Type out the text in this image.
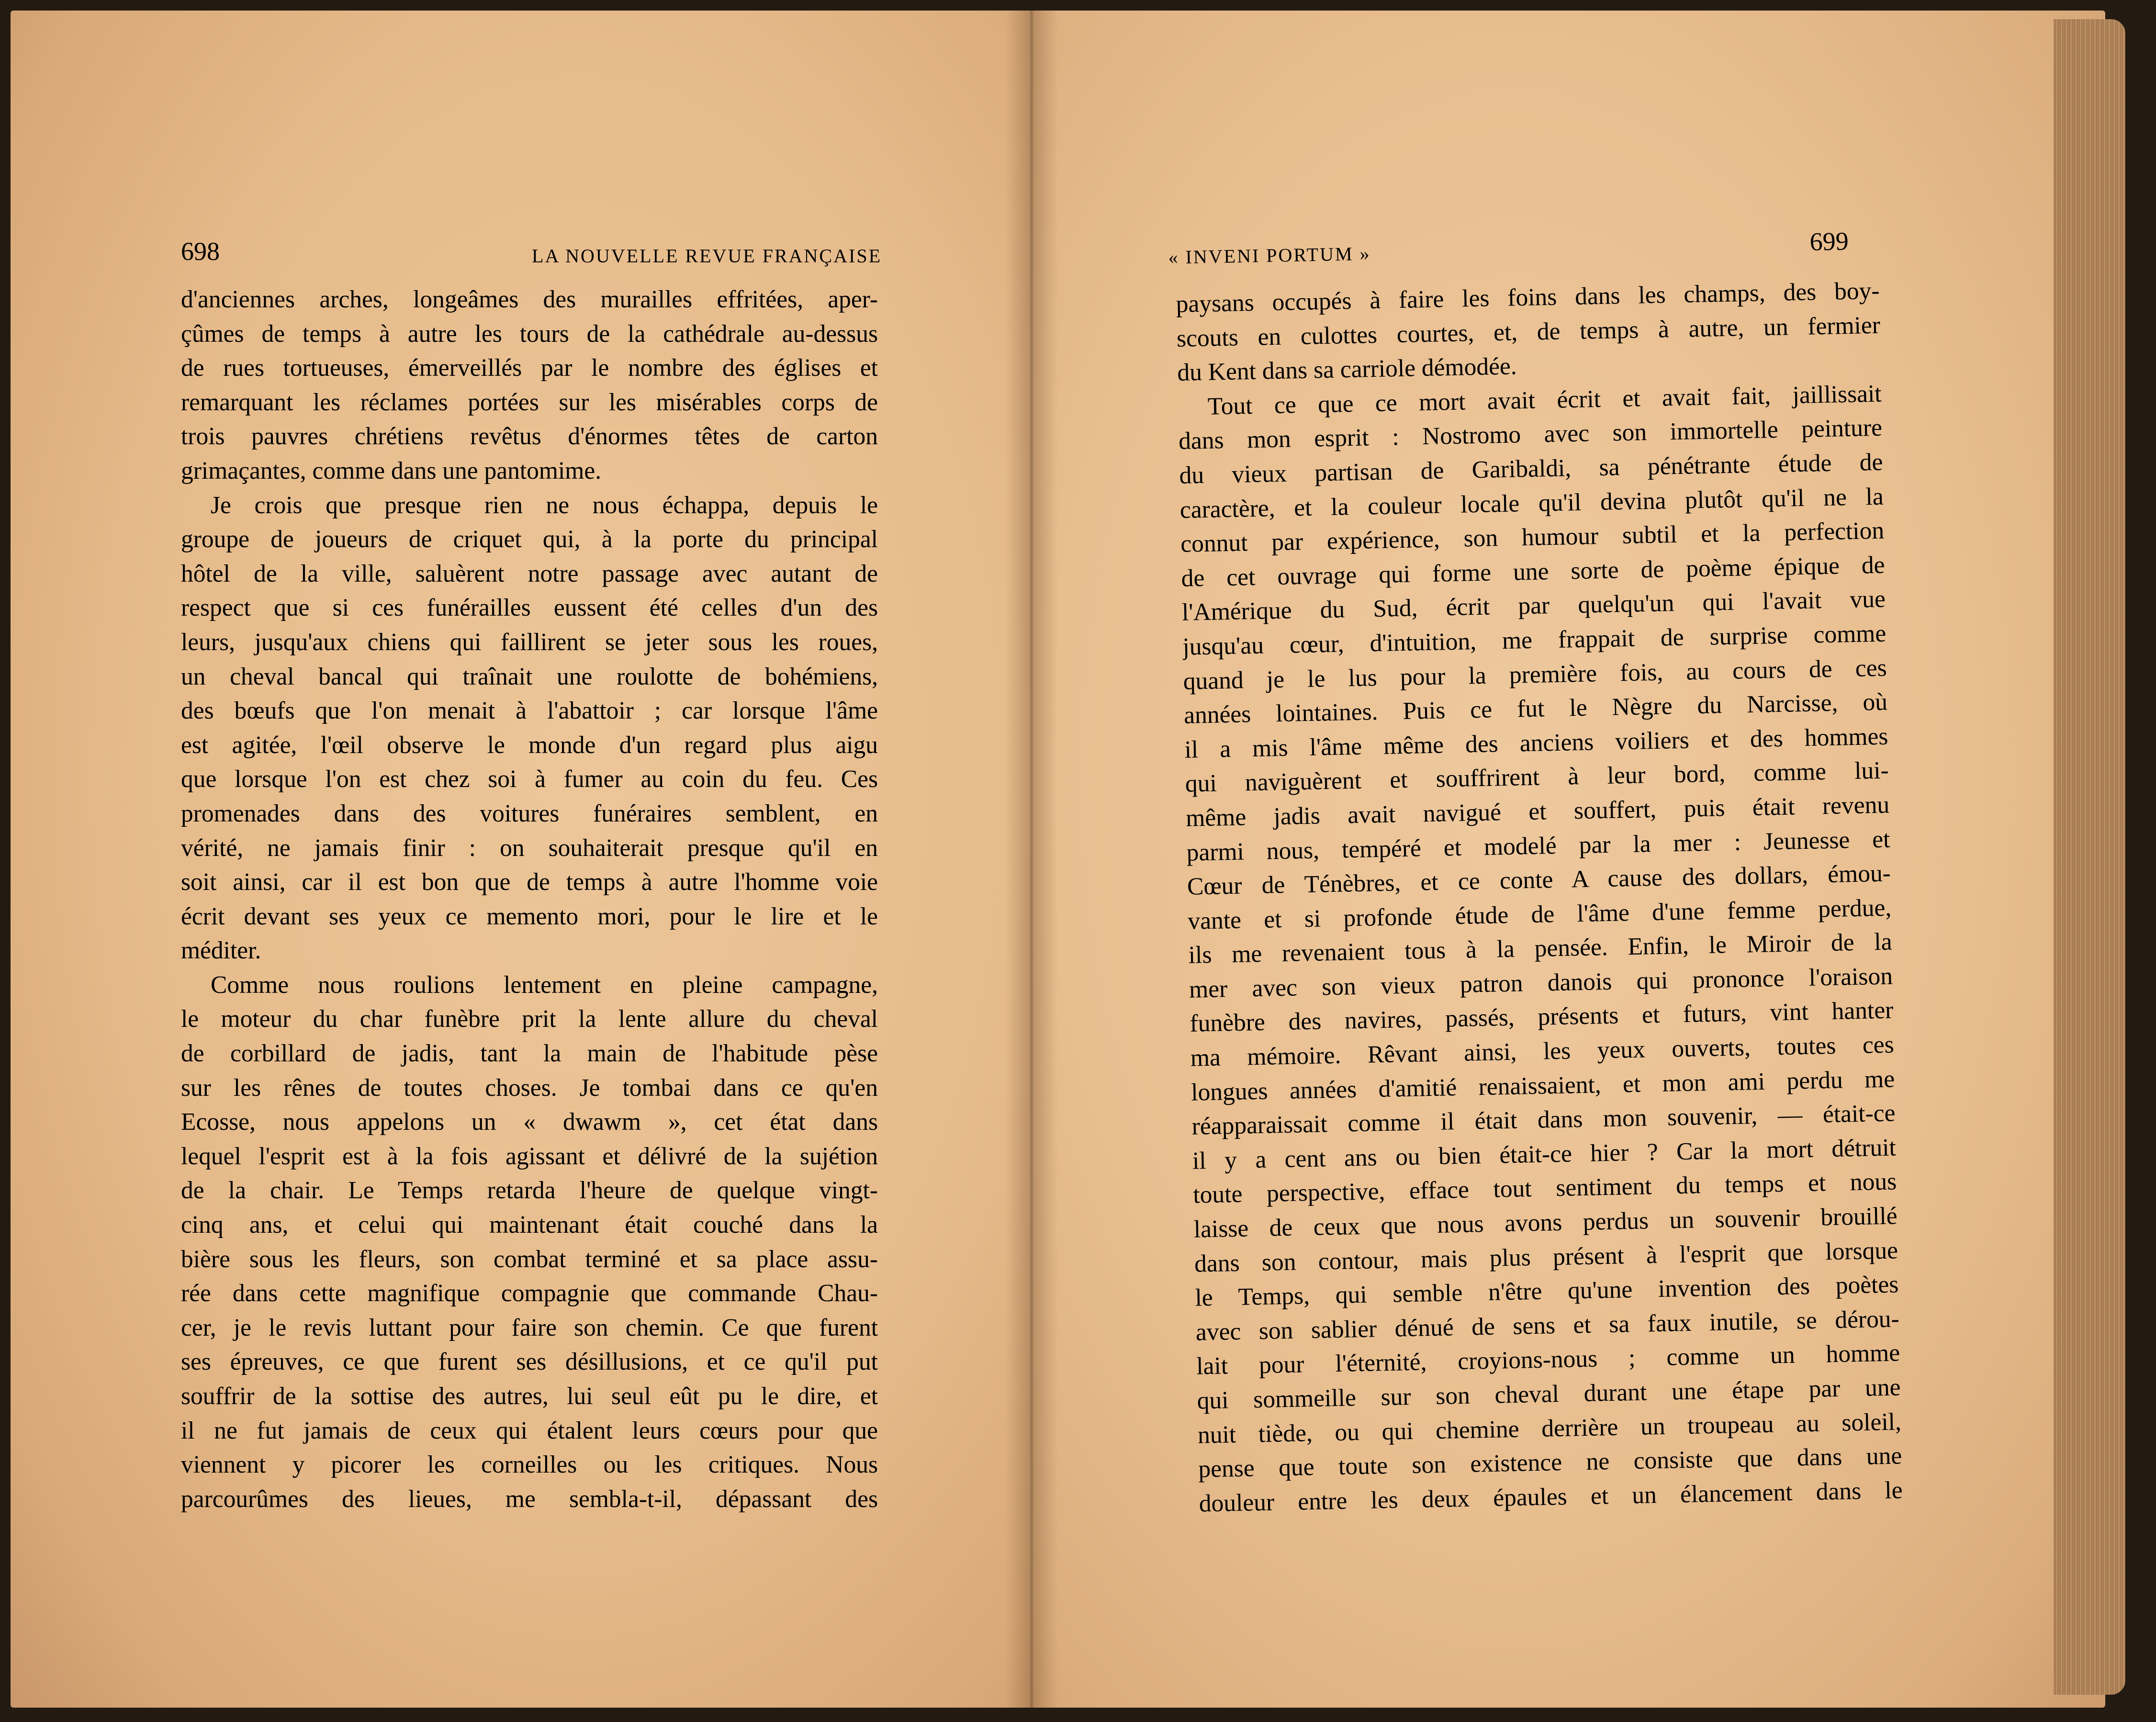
698	LA NOUVELLE REVUE FRANÇAISE
d'anciennes arches, longeâmes des murailles effritées, aper-
çûmes de temps à autre les tours de la cathédrale au-dessus
de rues tortueuses, émerveillés par le nombre des églises et
remarquant les réclames portées sur les misérables corps de
trois pauvres chrétiens revêtus d'énormes têtes de carton
grimaçantes, comme dans une pantomime.
Je crois que presque rien ne nous échappa, depuis le
groupe de joueurs de criquet qui, à la porte du principal
hôtel de la ville, saluèrent notre passage avec autant de
respect que si ces funérailles eussent été celles d'un des
leurs, jusqu'aux chiens qui faillirent se jeter sous les roues,
un cheval bancal qui traînait une roulotte de bohémiens,
des bœufs que l'on menait à l'abattoir ; car lorsque l'âme
est agitée, l'œil observe le monde d'un regard plus aigu
que lorsque l'on est chez soi à fumer au coin du feu. Ces
promenades dans des voitures funéraires semblent, en
vérité, ne jamais finir : on souhaiterait presque qu'il en
soit ainsi, car il est bon que de temps à autre l'homme voie
écrit devant ses yeux ce memento mori, pour le lire et le
méditer.
Comme nous roulions lentement en pleine campagne,
le moteur du char funèbre prit la lente allure du cheval
de corbillard de jadis, tant la main de l'habitude pèse
sur les rênes de toutes choses. Je tombai dans ce qu'en
Ecosse, nous appelons un « dwawm », cet état dans
lequel l'esprit est à la fois agissant et délivré de la sujétion
de la chair. Le Temps retarda l'heure de quelque vingt-
cinq ans, et celui qui maintenant était couché dans la
bière sous les fleurs, son combat terminé et sa place assu-
rée dans cette magnifique compagnie que commande Chau-
cer, je le revis luttant pour faire son chemin. Ce que furent
ses épreuves, ce que furent ses désillusions, et ce qu'il put
souffrir de la sottise des autres, lui seul eût pu le dire, et
il ne fut jamais de ceux qui étalent leurs cœurs pour que
viennent y picorer les corneilles ou les critiques. Nous
parcourûmes des lieues, me sembla-t-il, dépassant des
« INVENI PORTUM »	699
paysans occupés à faire les foins dans les champs, des boy-
scouts en culottes courtes, et, de temps à autre, un fermier
du Kent dans sa carriole démodée.
Tout ce que ce mort avait écrit et avait fait, jaillissait
dans mon esprit : Nostromo avec son immortelle peinture
du vieux partisan de Garibaldi, sa pénétrante étude de
caractère, et la couleur locale qu'il devina plutôt qu'il ne la
connut par expérience, son humour subtil et la perfection
de cet ouvrage qui forme une sorte de poème épique de
l'Amérique du Sud, écrit par quelqu'un qui l'avait vue
jusqu'au cœur, d'intuition, me frappait de surprise comme
quand je le lus pour la première fois, au cours de ces
années lointaines. Puis ce fut le Nègre du Narcisse, où
il a mis l'âme même des anciens voiliers et des hommes
qui naviguèrent et souffrirent à leur bord, comme lui-
même jadis avait navigué et souffert, puis était revenu
parmi nous, tempéré et modelé par la mer : Jeunesse et
Cœur de Ténèbres, et ce conte A cause des dollars, émou-
vante et si profonde étude de l'âme d'une femme perdue,
ils me revenaient tous à la pensée. Enfin, le Miroir de la
mer avec son vieux patron danois qui prononce l'oraison
funèbre des navires, passés, présents et futurs, vint hanter
ma mémoire. Rêvant ainsi, les yeux ouverts, toutes ces
longues années d'amitié renaissaient, et mon ami perdu me
réapparaissait comme il était dans mon souvenir, — était-ce
il y a cent ans ou bien était-ce hier ? Car la mort détruit
toute perspective, efface tout sentiment du temps et nous
laisse de ceux que nous avons perdus un souvenir brouillé
dans son contour, mais plus présent à l'esprit que lorsque
le Temps, qui semble n'être qu'une invention des poètes
avec son sablier dénué de sens et sa faux inutile, se dérou-
lait pour l'éternité, croyions-nous ; comme un homme
qui sommeille sur son cheval durant une étape par une
nuit tiède, ou qui chemine derrière un troupeau au soleil,
pense que toute son existence ne consiste que dans une
douleur entre les deux épaules et un élancement dans le
